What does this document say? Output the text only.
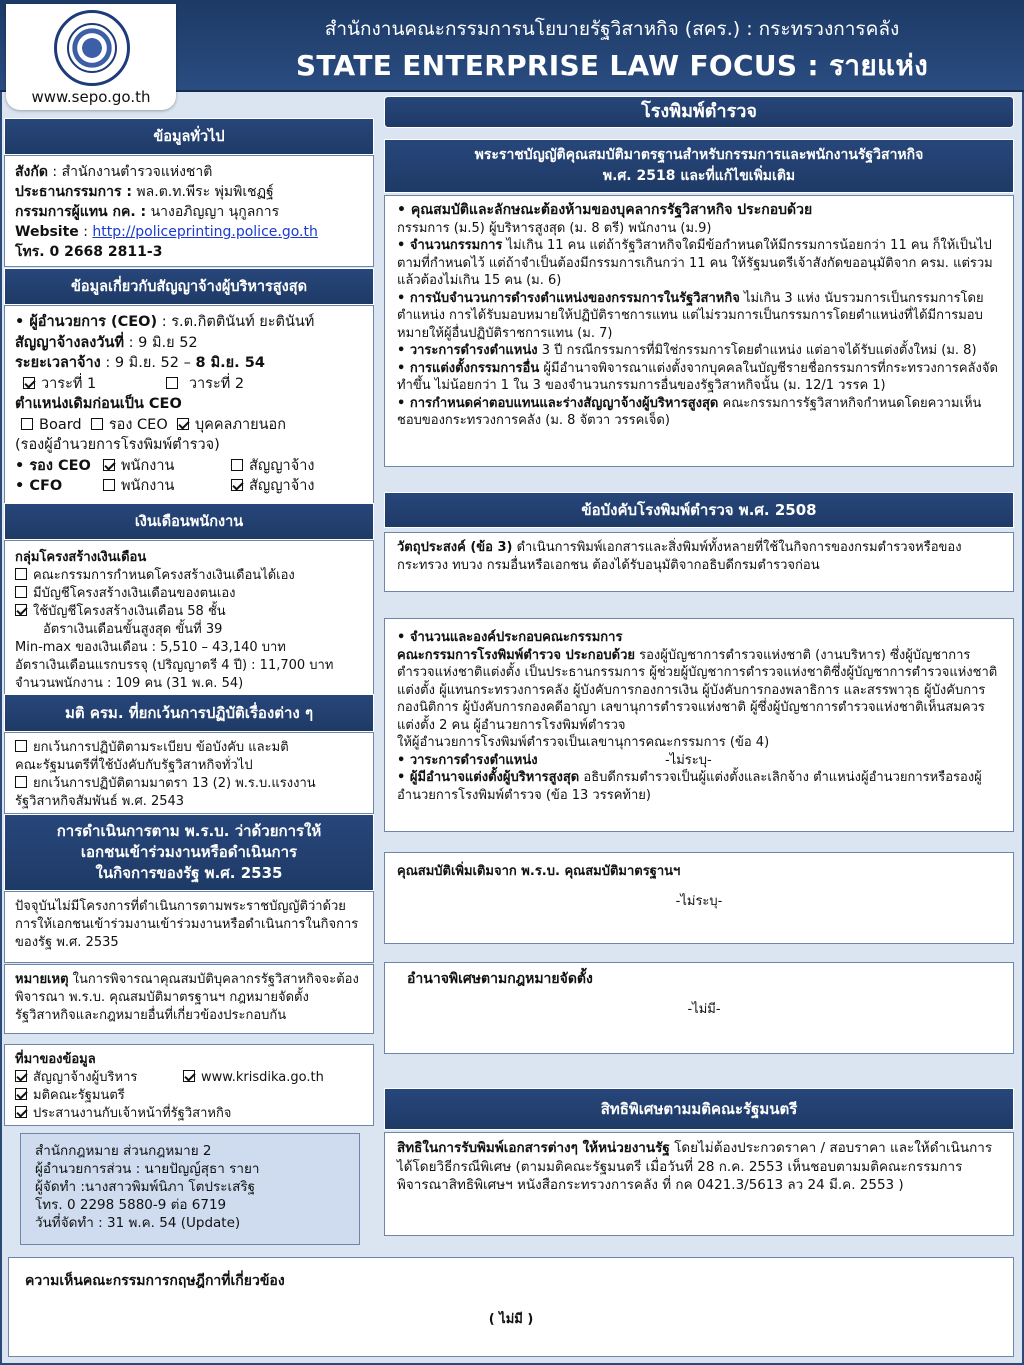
สำนักงานคณะกรรมการนโยบายรัฐวิสาหกิจ (สคร.) : กระทรวงการคลัง
STATE ENTERPRISE LAW FOCUS : รายแห่ง
www.sepo.go.th
โรงพิมพ์ตำรวจ
ข้อมูลทั่วไป
สังกัด : สำนักงานตำรวจแห่งชาติ
ประธานกรรมการ : พล.ต.ท.พีระ พุ่มพิเชฏฐ์
กรรมการผู้แทน กค. : นางอภิญญา นุกูลการ
Website : http://policeprinting.police.go.th
โทร. 0 2668 2811-3
ข้อมูลเกี่ยวกับสัญญาจ้างผู้บริหารสูงสุด
• ผู้อำนวยการ (CEO) : ร.ต.กิตตินันท์ ยะตินันท์
สัญญาจ้างลงวันที่ : 9 มิ.ย 52
ระยะเวลาจ้าง : 9 มิ.ย. 52 – 8 มิ.ย. 54
วาระที่ 1	วาระที่ 2
ตำแหน่งเดิมก่อนเป็น CEO
Board รอง CEO บุคคลภายนอก
(รองผู้อำนวยการโรงพิมพ์ตำรวจ)
• รอง CEO พนักงาน	สัญญาจ้าง
• CFO	พนักงาน	สัญญาจ้าง
เงินเดือนพนักงาน
กลุ่มโครงสร้างเงินเดือน
คณะกรรมการกำหนดโครงสร้างเงินเดือนได้เอง
มีบัญชีโครงสร้างเงินเดือนของตนเอง
ใช้บัญชีโครงสร้างเงินเดือน 58 ชั้น
อัตราเงินเดือนขั้นสูงสุด ขั้นที่ 39
Min-max ของเงินเดือน : 5,510 – 43,140 บาท
อัตราเงินเดือนแรกบรรจุ (ปริญญาตรี 4 ปี) : 11,700 บาท
จำนวนพนักงาน : 109 คน (31 พ.ค. 54)
มติ ครม. ที่ยกเว้นการปฏิบัติเรื่องต่าง ๆ
ยกเว้นการปฏิบัติตามระเบียบ ข้อบังคับ และมติ
คณะรัฐมนตรีที่ใช้บังคับกับรัฐวิสาหกิจทั่วไป
ยกเว้นการปฏิบัติตามมาตรา 13 (2) พ.ร.บ.แรงงาน
รัฐวิสาหกิจสัมพันธ์ พ.ศ. 2543
การดำเนินการตาม พ.ร.บ. ว่าด้วยการให้
เอกชนเข้าร่วมงานหรือดำเนินการ
ในกิจการของรัฐ พ.ศ. 2535
ปัจจุบันไม่มีโครงการที่ดำเนินการตามพระราชบัญญัติว่าด้วยการให้เอกชนเข้าร่วมงานเข้าร่วมงานหรือดำเนินการในกิจการของรัฐ พ.ศ. 2535
หมายเหตุ ในการพิจารณาคุณสมบัติบุคลากรรัฐวิสาหกิจจะต้องพิจารณา พ.ร.บ. คุณสมบัติมาตรฐานฯ กฎหมายจัดตั้งรัฐวิสาหกิจและกฎหมายอื่นที่เกี่ยวข้องประกอบกัน
ที่มาของข้อมูล
สัญญาจ้างผู้บริหาร	www.krisdika.go.th
มติคณะรัฐมนตรี
ประสานงานกับเจ้าหน้าที่รัฐวิสาหกิจ
สำนักกฎหมาย ส่วนกฎหมาย 2
ผู้อำนวยการส่วน : นายปัญญ์สุธา รายา
ผู้จัดทำ :นางสาวพิมพ์นิภา โตประเสริฐ
โทร. 0 2298 5880-9 ต่อ 6719
วันที่จัดทำ : 31 พ.ค. 54 (Update)
พระราชบัญญัติคุณสมบัติมาตรฐานสำหรับกรรมการและพนักงานรัฐวิสาหกิจ
พ.ศ. 2518 และที่แก้ไขเพิ่มเติม
• คุณสมบัติและลักษณะต้องห้ามของบุคลากรรัฐวิสาหกิจ ประกอบด้วย
กรรมการ (ม.5) ผู้บริหารสูงสุด (ม. 8 ตรี) พนักงาน (ม.9)
• จำนวนกรรมการ ไม่เกิน 11 คน แต่ถ้ารัฐวิสาหกิจใดมีข้อกำหนดให้มีกรรมการน้อยกว่า 11 คน ก็ให้เป็นไปตามที่กำหนดไว้ แต่ถ้าจำเป็นต้องมีกรรมการเกินกว่า 11 คน ให้รัฐมนตรีเจ้าสังกัดขออนุมัติจาก ครม. แต่รวมแล้วต้องไม่เกิน 15 คน (ม. 6)
• การนับจำนวนการดำรงตำแหน่งของกรรมการในรัฐวิสาหกิจ ไม่เกิน 3 แห่ง นับรวมการเป็นกรรมการโดยตำแหน่ง การได้รับมอบหมายให้ปฏิบัติราชการแทน แต่ไม่รวมการเป็นกรรมการโดยตำแหน่งที่ได้มีการมอบหมายให้ผู้อื่นปฏิบัติราชการแทน (ม. 7)
• วาระการดำรงตำแหน่ง 3 ปี กรณีกรรมการที่มิใช่กรรมการโดยตำแหน่ง แต่อาจได้รับแต่งตั้งใหม่ (ม. 8)
• การแต่งตั้งกรรมการอื่น ผู้มีอำนาจพิจารณาแต่งตั้งจากบุคคลในบัญชีรายชื่อกรรมการที่กระทรวงการคลังจัดทำขึ้น ไม่น้อยกว่า 1 ใน 3 ของจำนวนกรรมการอื่นของรัฐวิสาหกิจนั้น (ม. 12/1 วรรค 1)
• การกำหนดค่าตอบแทนและร่างสัญญาจ้างผู้บริหารสูงสุด คณะกรรมการรัฐวิสาหกิจกำหนดโดยความเห็นชอบของกระทรวงการคลัง (ม. 8 จัตวา วรรคเจ็ด)
ข้อบังคับโรงพิมพ์ตำรวจ พ.ศ. 2508
วัตถุประสงค์ (ข้อ 3) ดำเนินการพิมพ์เอกสารและสิ่งพิมพ์ทั้งหลายที่ใช้ในกิจการของกรมตำรวจหรือของกระทรวง ทบวง กรมอื่นหรือเอกชน ต้องได้รับอนุมัติจากอธิบดีกรมตำรวจก่อน
• จำนวนและองค์ประกอบคณะกรรมการ
คณะกรรมการโรงพิมพ์ตำรวจ ประกอบด้วย รองผู้บัญชาการตำรวจแห่งชาติ (งานบริหาร) ซึ่งผู้บัญชาการตำรวจแห่งชาติแต่งตั้ง เป็นประธานกรรมการ ผู้ช่วยผู้บัญชาการตำรวจแห่งชาติซึ่งผู้บัญชาการตำรวจแห่งชาติแต่งตั้ง ผู้แทนกระทรวงการคลัง ผู้บังคับการกองการเงิน ผู้บังคับการกองพลาธิการ และสรรพาวุธ ผู้บังคับการกองนิติการ ผู้บังคับการกองคดีอาญา เลขานุการตำรวจแห่งชาติ ผู้ซึ่งผู้บัญชาการตำรวจแห่งชาติเห็นสมควรแต่งตั้ง 2 คน ผู้อำนวยการโรงพิมพ์ตำรวจ
ให้ผู้อำนวยการโรงพิมพ์ตำรวจเป็นเลขานุการคณะกรรมการ (ข้อ 4)
• วาระการดำรงตำแหน่ง	-ไม่ระบุ-
• ผู้มีอำนาจแต่งตั้งผู้บริหารสูงสุด อธิบดีกรมตำรวจเป็นผู้แต่งตั้งและเลิกจ้าง ตำแหน่งผู้อำนวยการหรือรองผู้อำนวยการโรงพิมพ์ตำรวจ (ข้อ 13 วรรคท้าย)
คุณสมบัติเพิ่มเติมจาก พ.ร.บ. คุณสมบัติมาตรฐานฯ
-ไม่ระบุ-
อำนาจพิเศษตามกฎหมายจัดตั้ง
-ไม่มี-
สิทธิพิเศษตามมติคณะรัฐมนตรี
สิทธิในการรับพิมพ์เอกสารต่างๆ ให้หน่วยงานรัฐ โดยไม่ต้องประกวดราคา / สอบราคา และให้ดำเนินการได้โดยวิธีกรณีพิเศษ (ตามมติคณะรัฐมนตรี เมื่อวันที่ 28 ก.ค. 2553 เห็นชอบตามมติคณะกรรมการพิจารณาสิทธิพิเศษฯ หนังสือกระทรวงการคลัง ที่ กค 0421.3/5613 ลว 24 มี.ค. 2553 )
ความเห็นคณะกรรมการกฤษฎีกาที่เกี่ยวข้อง
( ไม่มี )
